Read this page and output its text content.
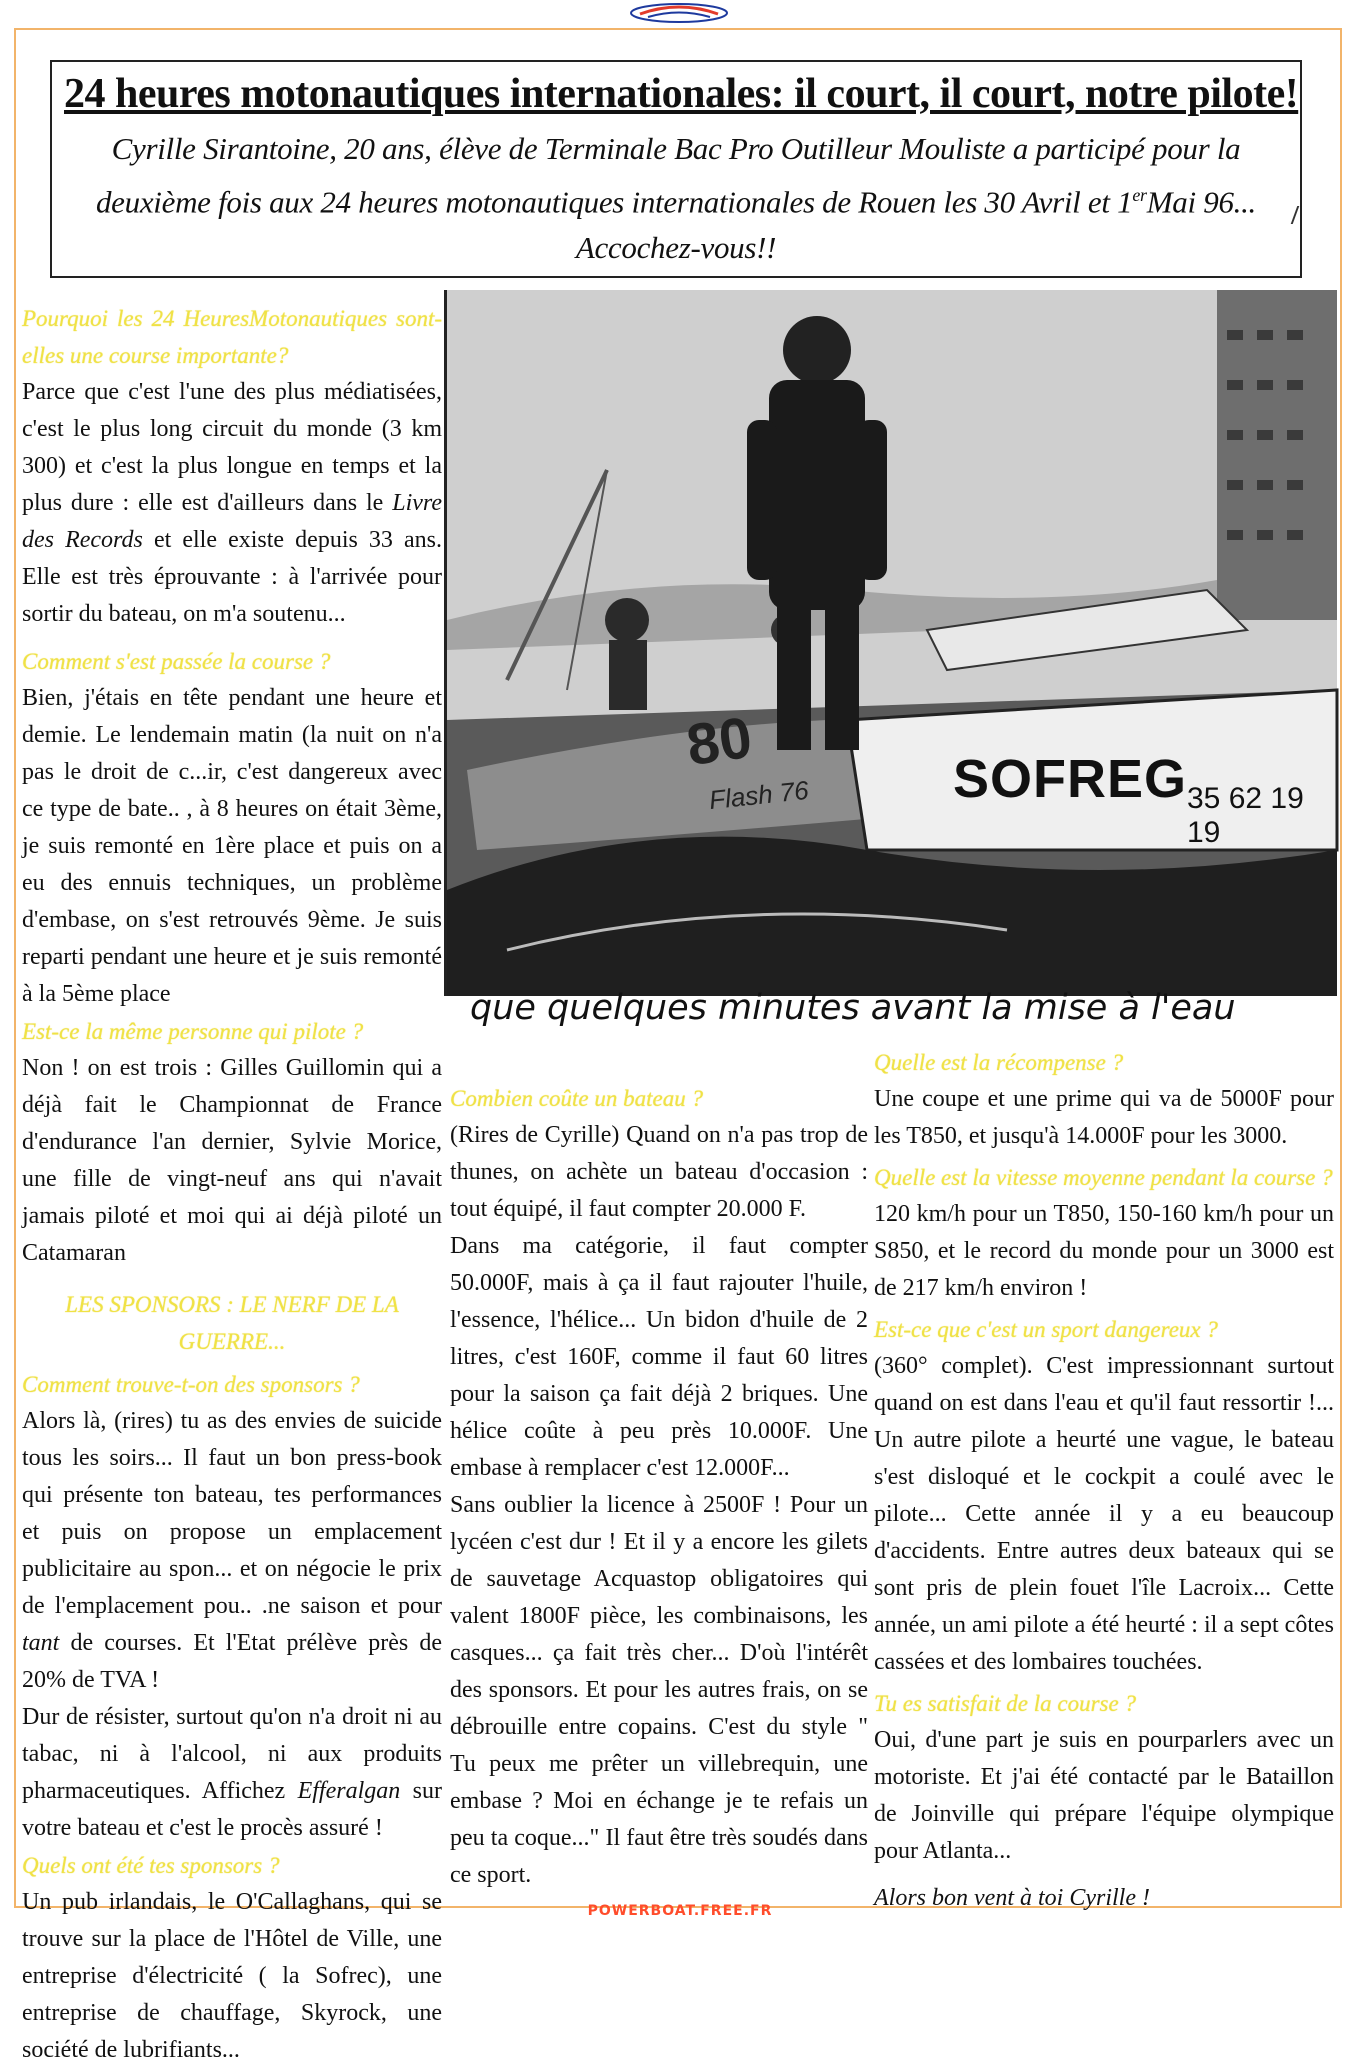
24 heures motonautiques internationales: il court, il court, notre pilote!
Cyrille Sirantoine, 20 ans, élève de Terminale Bac Pro Outilleur Mouliste a participé pour la deuxième fois aux 24 heures motonautiques internationales de Rouen les 30 Avril et 1erMai 96... Accochez-vous!!

Pourquoi les 24 HeuresMotonautiques sont-elles une course importante?

Parce que c'est l'une des plus médiatisées, c'est le plus long circuit du monde (3 km 300) et c'est la plus longue en temps et la plus dure : elle est d'ailleurs dans le Livre des Records et elle existe depuis 33 ans. Elle est très éprouvante : à l'arrivée pour sortir du bateau, on m'a soutenu...

Comment s'est passée la course ?

Bien, j'étais en tête pendant une heure et demie. Le lendemain matin (la nuit on n'a pas le droit de c...ir, c'est dangereux avec ce type de bate.. , à 8 heures on était 3ème, je suis remonté en 1ère place et puis on a eu des ennuis techniques, un problème d'embase, on s'est retrouvés 9ème. Je suis reparti pendant une heure et je suis remonté à la 5ème place

Est-ce la même personne qui pilote ?

Non ! on est trois : Gilles Guillomin qui a déjà fait le Championnat de France d'endurance l'an dernier, Sylvie Morice, une fille de vingt-neuf ans qui n'avait jamais piloté et moi qui ai déjà piloté un Catamaran

LES SPONSORS : LE NERF DE LA GUERRE...

Comment trouve-t-on des sponsors ?

Alors là, (rires) tu as des envies de suicide tous les soirs... Il faut un bon press-book qui présente ton bateau, tes performances et puis on propose un emplacement publicitaire au spon... et on négocie le prix de l'emplacement pou.. .ne saison et pour tant de courses. Et l'Etat prélève près de 20% de TVA !

Dur de résister, surtout qu'on n'a droit ni au tabac, ni à l'alcool, ni aux produits pharmaceutiques. Affichez Efferalgan sur votre bateau et c'est le procès assuré !

Quels ont été tes sponsors ?

Un pub irlandais, le O'Callaghans, qui se trouve sur la place de l'Hôtel de Ville, une entreprise d'électricité ( la Sofrec), une entreprise de chauffage, Skyrock, une société de lubrifiants...

80
Flash 76	SOFREG 35 62 19 19
que quelques minutes avant la mise à l'eau

Combien coûte un bateau ?

(Rires de Cyrille) Quand on n'a pas trop de thunes, on achète un bateau d'occasion : tout équipé, il faut compter 20.000 F.

Dans ma catégorie, il faut compter 50.000F, mais à ça il faut rajouter l'huile, l'essence, l'hélice... Un bidon d'huile de 2 litres, c'est 160F, comme il faut 60 litres pour la saison ça fait déjà 2 briques. Une hélice coûte à peu près 10.000F. Une embase à remplacer c'est 12.000F...

Sans oublier la licence à 2500F ! Pour un lycéen c'est dur ! Et il y a encore les gilets de sauvetage Acquastop obligatoires qui valent 1800F pièce, les combinaisons, les casques... ça fait très cher... D'où l'intérêt des sponsors. Et pour les autres frais, on se débrouille entre copains. C'est du style " Tu peux me prêter un villebrequin, une embase ? Moi en échange je te refais un peu ta coque..." Il faut être très soudés dans ce sport.

Quelle est la récompense ?

Une coupe et une prime qui va de 5000F pour les T850, et jusqu'à 14.000F pour les 3000.

Quelle est la vitesse moyenne pendant la course ?

120 km/h pour un T850, 150-160 km/h pour un S850, et le record du monde pour un 3000 est de 217 km/h environ !

Est-ce que c'est un sport dangereux ?

(360° complet). C'est impressionnant surtout quand on est dans l'eau et qu'il faut ressortir !... Un autre pilote a heurté une vague, le bateau s'est disloqué et le cockpit a coulé avec le pilote... Cette année il y a eu beaucoup d'accidents. Entre autres deux bateaux qui se sont pris de plein fouet l'île Lacroix... Cette année, un ami pilote a été heurté : il a sept côtes cassées et des lombaires touchées.

Tu es satisfait de la course ?

Oui, d'une part je suis en pourparlers avec un motoriste. Et j'ai été contacté par le Bataillon de Joinville qui prépare l'équipe olympique pour Atlanta...

Alors bon vent à toi Cyrille !

POWERBOAT.FREE.FR
